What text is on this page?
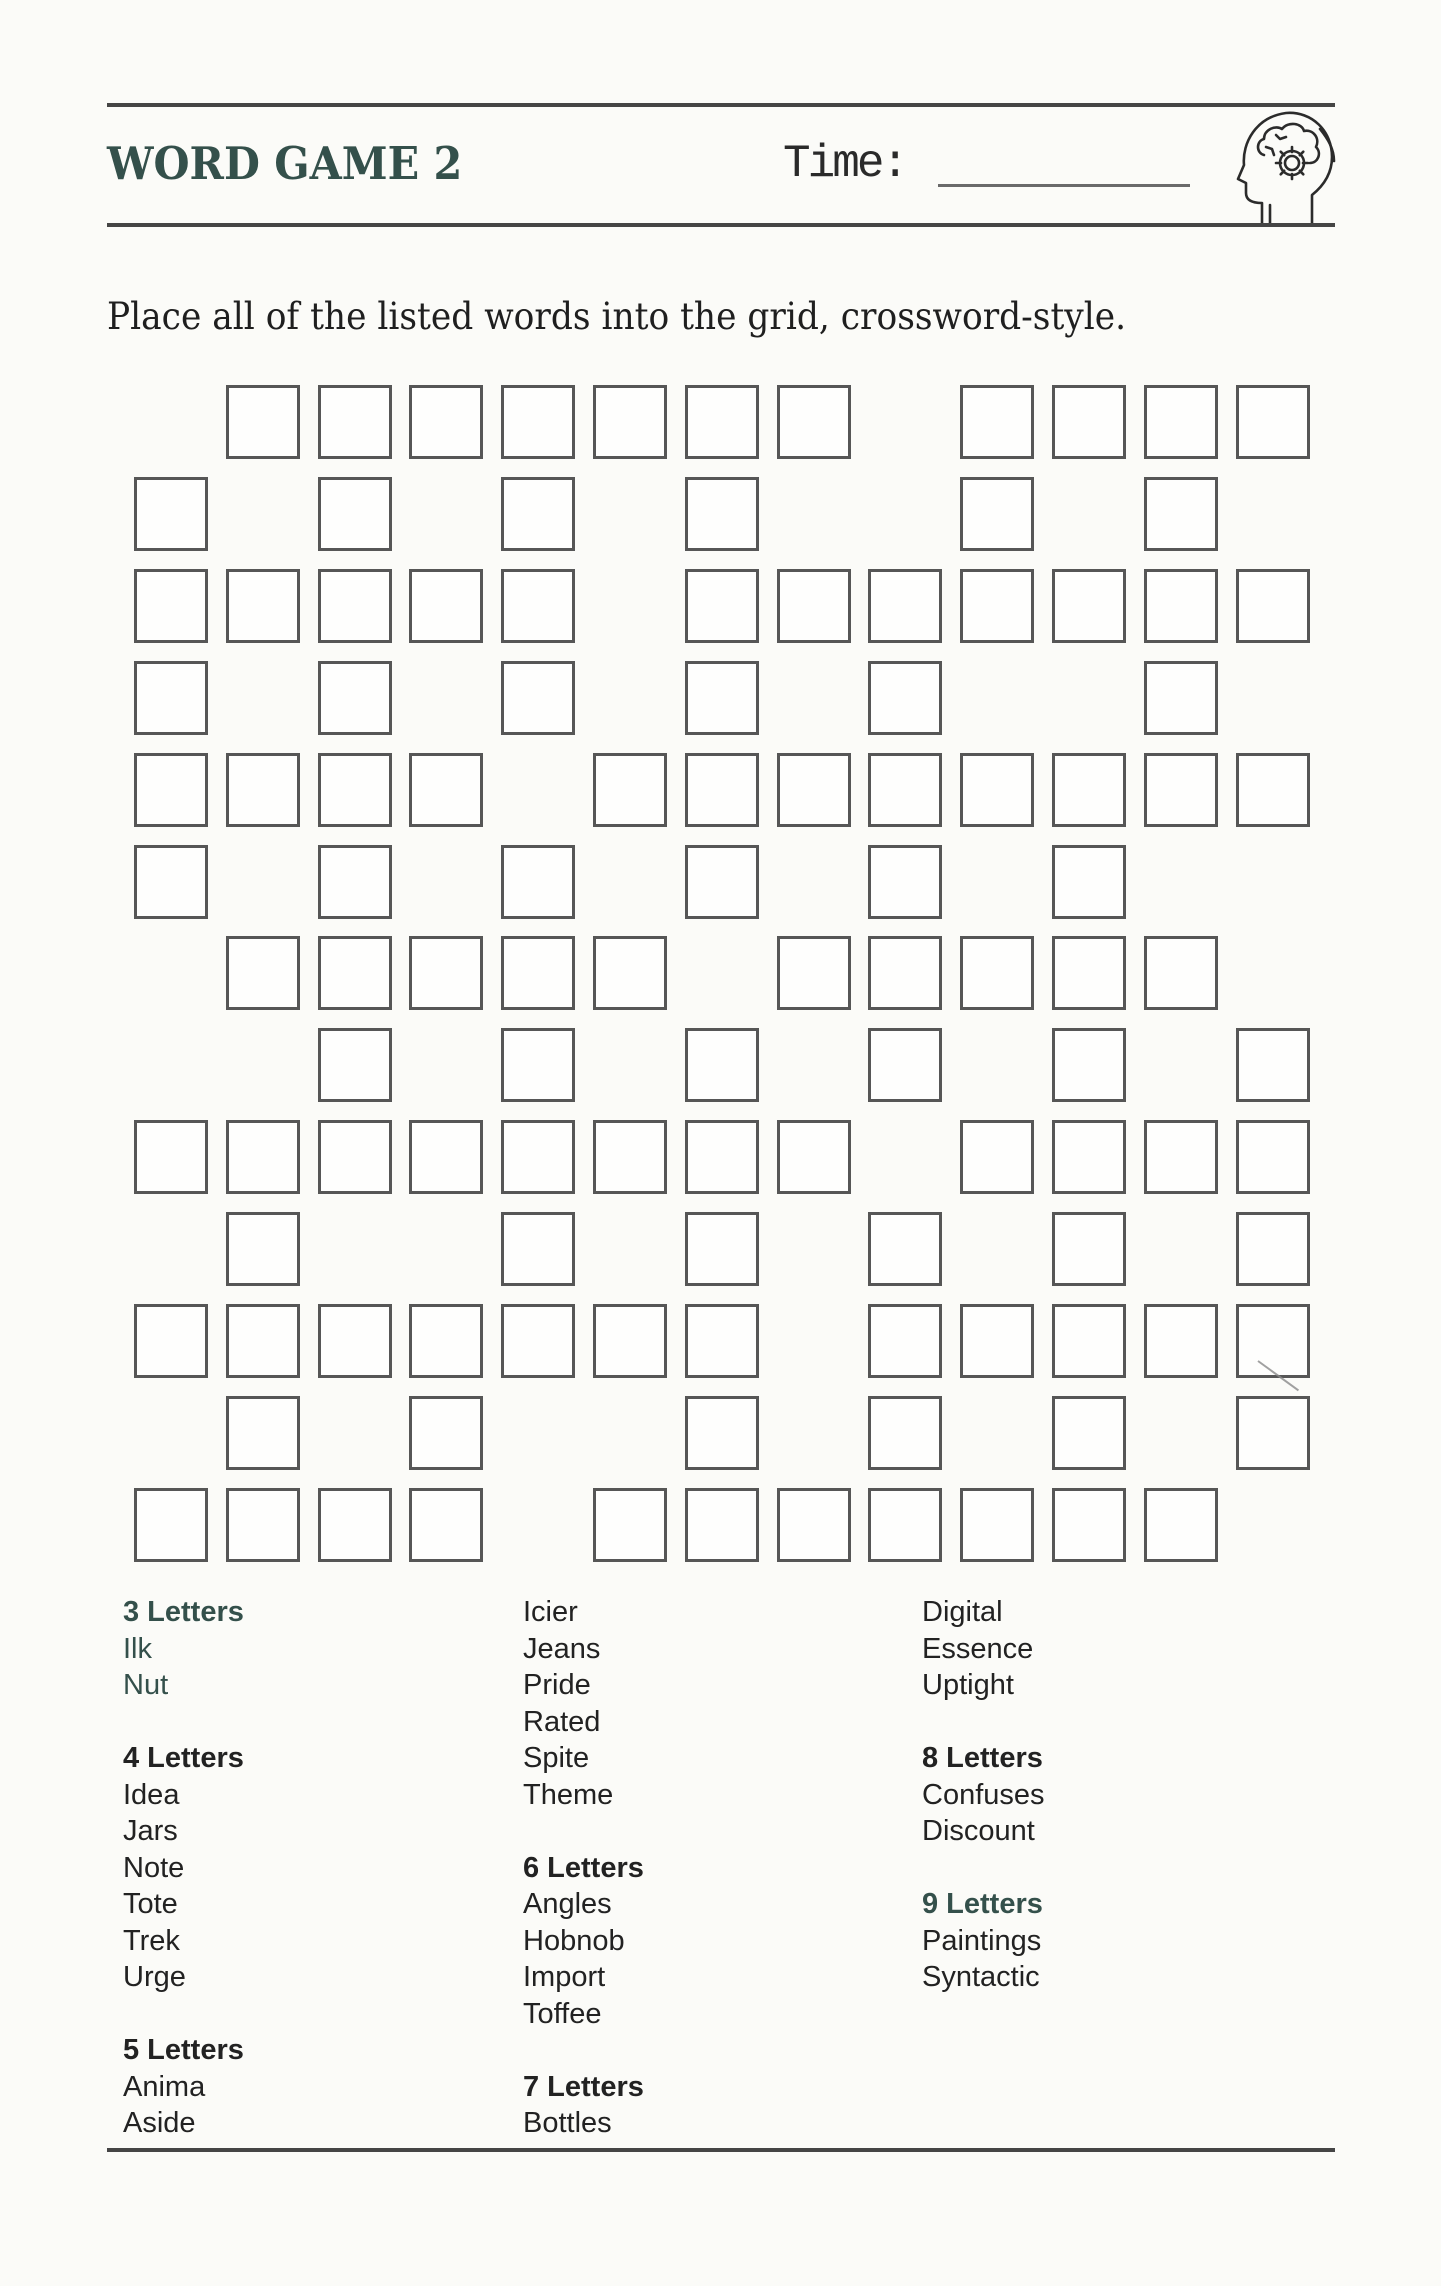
WORD GAME 2	Time:
Place all of the listed words into the grid, crossword-style.
3 Letters
Ilk
Nut
4 Letters
Idea
Jars
Note
Tote
Trek
Urge
5 Letters
Anima
Aside
Icier
Jeans
Pride
Rated
Spite
Theme
6 Letters
Angles
Hobnob
Import
Toffee
7 Letters
Bottles
Digital
Essence
Uptight
8 Letters
Confuses
Discount
9 Letters
Paintings
Syntactic
